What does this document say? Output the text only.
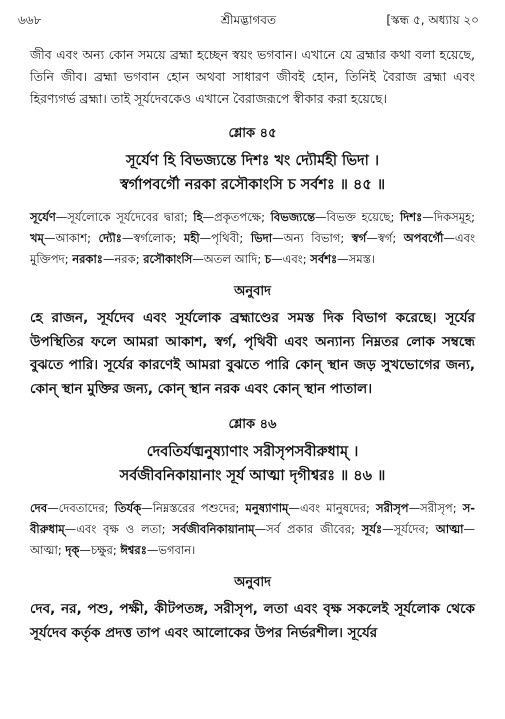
৬৬৮	শ্রীমদ্ভাগবত	[স্কন্ধ ৫, অধ্যায় ২০

জীব এবং অন্য কোন সময়ে ব্রহ্মা হচ্ছেন স্বয়ং ভগবান। এখানে যে ব্রহ্মার কথা বলা হয়েছে, তিনি জীব। ব্রহ্মা ভগবান হোন অথবা সাধারণ জীবই হোন, তিনিই বৈরাজ ব্রহ্মা এবং হিরণ্যগর্ভ ব্রহ্মা। তাই সূর্যদেবকেও এখানে বৈরাজরূপে স্বীকার করা হয়েছে।

শ্লোক ৪৫
সূর্যেণ হি বিভজ্যন্তে দিশঃ খং দ্যৌর্মহী ভিদা ।
স্বর্গাপবর্গৌ নরকা রসৌকাংসি চ সর্বশঃ ॥ ৪৫ ॥

সূর্যেণ—সূর্যলোকে সূর্যদেবের দ্বারা; হি—প্রকৃতপক্ষে; বিভজ্যন্তে—বিভক্ত হয়েছে; দিশঃ—দিকসমূহ; খম্—আকাশ; দ্যৌঃ—স্বর্গলোক; মহী—পৃথিবী; ভিদা—অন্য বিভাগ; স্বর্গ—স্বর্গ; অপবর্গৌ—এবং মুক্তিপদ; নরকাঃ—নরক; রসৌকাংসি—অতল আদি; চ—এবং; সর্বশঃ—সমস্ত।

অনুবাদ

হে রাজন, সূর্যদেব এবং সূর্যলোক ব্রহ্মাণ্ডের সমস্ত দিক বিভাগ করেছে। সূর্যের উপস্থিতির ফলে আমরা আকাশ, স্বর্গ, পৃথিবী এবং অন্যান্য নিম্নতর লোক সম্বন্ধে বুঝতে পারি। সূর্যের কারণেই আমরা বুঝতে পারি কোন্ স্থান জড় সুখভোগের জন্য, কোন্ স্থান মুক্তির জন্য, কোন্ স্থান নরক এবং কোন্ স্থান পাতাল।

শ্লোক ৪৬
দেবতির্যঙ্মনুষ্যাণাং সরীসৃপসবীরুধাম্ ।
সর্বজীবনিকায়ানাং সূর্য আত্মা দৃগীশ্বরঃ ॥ ৪৬ ॥

দেব—দেবতাদের; তির্যক্—নিম্নস্তরের পশুদের; মনুষ্যাণাম্—এবং মানুষদের; সরীসৃপ—সরীসৃপ; স-বীরুধাম্—এবং বৃক্ষ ও লতা; সর্বজীবনিকায়ানাম্—সর্ব প্রকার জীবের; সূর্যঃ—সূর্যদেব; আত্মা—আত্মা; দৃক্—চক্ষুর; ঈশ্বরঃ—ভগবান।

অনুবাদ

দেব, নর, পশু, পক্ষী, কীটপতঙ্গ, সরীসৃপ, লতা এবং বৃক্ষ সকলেই সূর্যলোক থেকে সূর্যদেব কর্তৃক প্রদত্ত তাপ এবং আলোকের উপর নির্ভরশীল। সূর্যের
